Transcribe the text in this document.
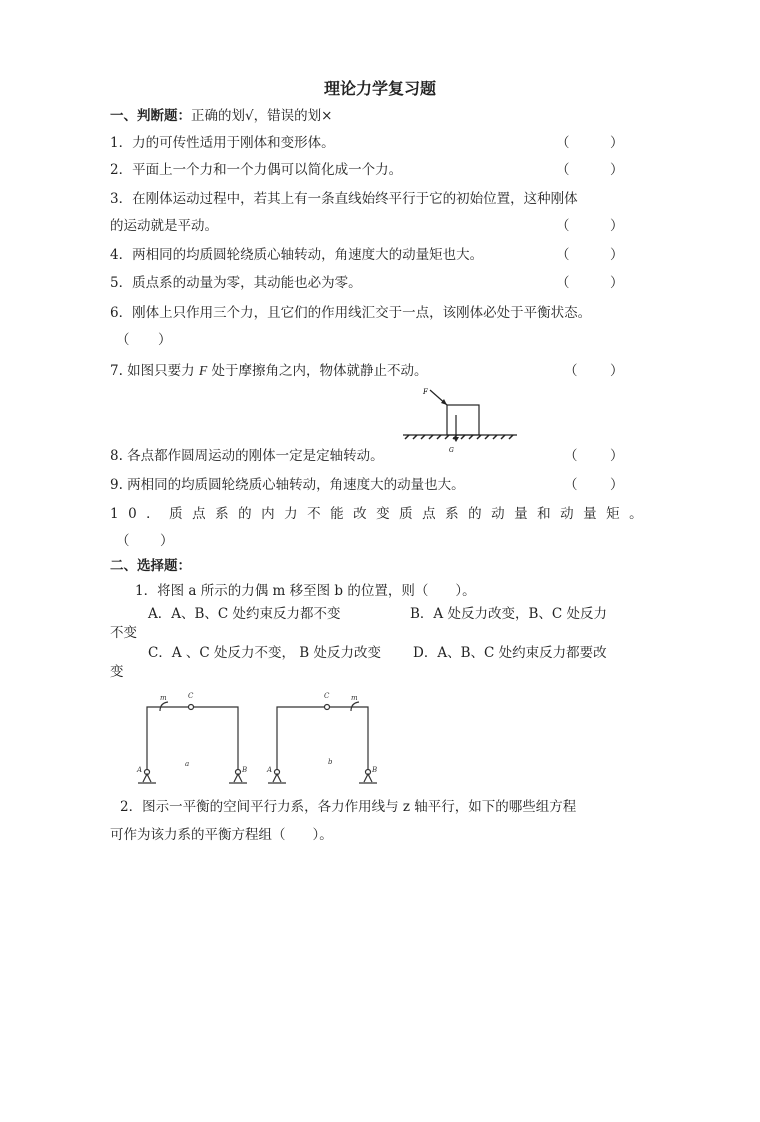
理论力学复习题
一、判断题：正确的划√，错误的划×
1．力的可传性适用于刚体和变形体。	（	）
2．平面上一个力和一个力偶可以简化成一个力。	（	）
3．在刚体运动过程中，若其上有一条直线始终平行于它的初始位置，这种刚体
的运动就是平动。	（	）
4．两相同的均质圆轮绕质心轴转动，角速度大的动量矩也大。	（	）
5．质点系的动量为零，其动能也必为零。	（	）
6．刚体上只作用三个力，且它们的作用线汇交于一点，该刚体必处于平衡状态。
（ ）
7. 如图只要力 F 处于摩擦角之内，物体就静止不动。	（ ）
F
G
8. 各点都作圆周运动的刚体一定是定轴转动。	（ ）
9. 两相同的均质圆轮绕质心轴转动，角速度大的动量也大。	（ ）
10．质点系的内力不能改变质点系的动量和动量矩。
（ ）
二、选择题：
1．将图 a 所示的力偶 m 移至图 b 的位置，则（　　）。
A．A、B、C 处约束反力都不变	B．A 处反力改变，B、C 处反力
不变
C．A 、C 处反力不变， B 处反力改变 D．A、B、C 处约束反力都要改
变
m	C
A	B
a
m
C
A	B
b
2．图示一平衡的空间平行力系，各力作用线与 z 轴平行，如下的哪些组方程
可作为该力系的平衡方程组（　　）。
